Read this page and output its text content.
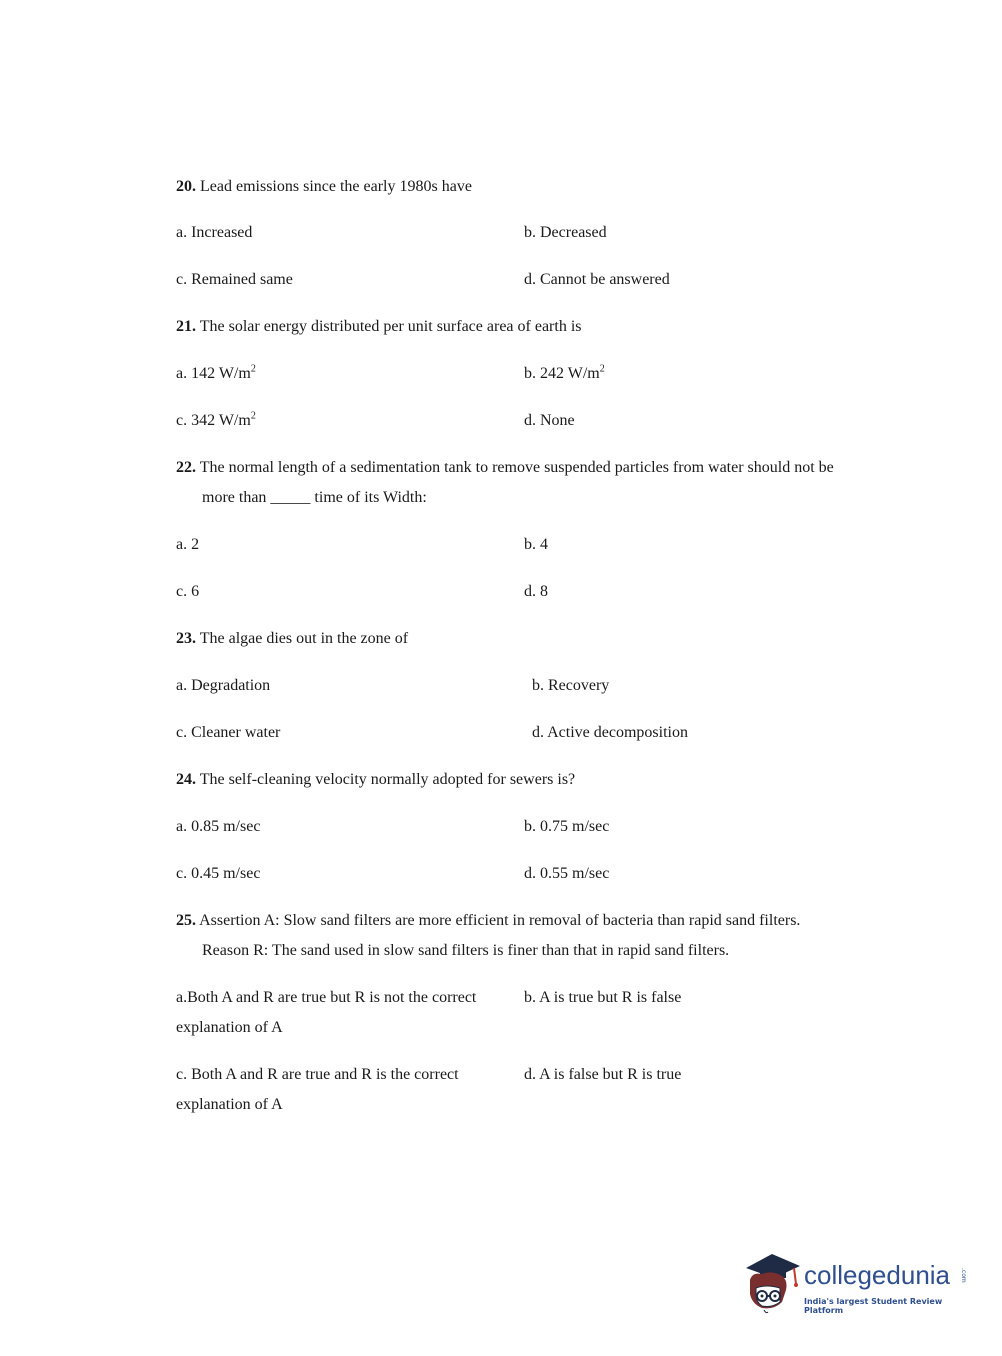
20. Lead emissions since the early 1980s have
a. Increased	b. Decreased
c. Remained same	d. Cannot be answered
21. The solar energy distributed per unit surface area of earth is
a. 142 $W/m^2$	b. 242 $W/m^2$
c. 342 $W/m^2$	d. None
22. The normal length of a sedimentation tank to remove suspended particles from water should not be
more than _____ time of its Width:
a. 2	b. 4
c. 6	d. 8
23. The algae dies out in the zone of
a. Degradation	b. Recovery
c. Cleaner water	d. Active decomposition
24. The self-cleaning velocity normally adopted for sewers is?
a. 0.85 m/sec	b. 0.75 m/sec
c. 0.45 m/sec	d. 0.55 m/sec
25. Assertion A: Slow sand filters are more efficient in removal of bacteria than rapid sand filters.
Reason R: The sand used in slow sand filters is finer than that in rapid sand filters.
a.Both A and R are true but R is not the correct
explanation of A
b. A is true but R is false
c. Both A and R are true and R is the correct
explanation of A
d. A is false but R is true
collegedunia .com
India's largest Student Review Platform
